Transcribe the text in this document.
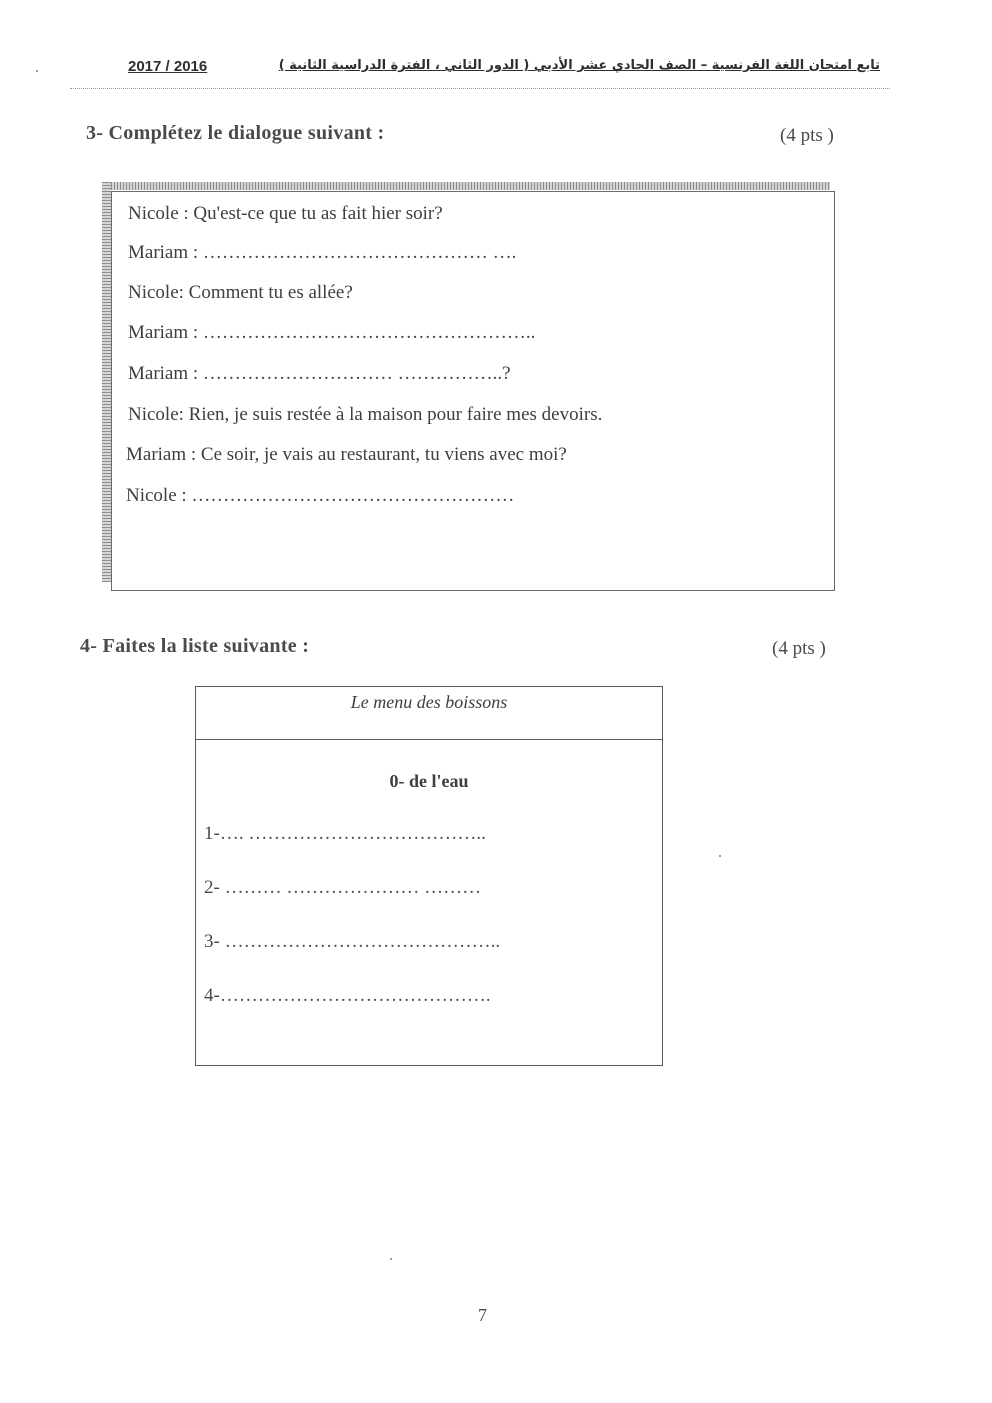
2017 / 2016	تابع امتحان اللغة الفرنسية – الصف الحادي عشر الأدبي ( الدور الثاني ، الفترة الدراسية الثانية )
3- Complétez le dialogue suivant :	(4 pts )
Nicole : Qu'est-ce que tu as fait hier soir?
Mariam : ……………………………………… ….
Nicole: Comment tu es allée?
Mariam : ……………………………………………..
Mariam : ………………………… ……………..?
Nicole: Rien, je suis restée à la maison pour faire mes devoirs.
Mariam : Ce soir, je vais au restaurant, tu viens avec moi?
Nicole : ……………………………………………
4- Faites la liste suivante :	(4 pts )
Le menu des boissons
0- de l'eau
1-…. ………………………………..
2- ……… ………………… ………
3- ……………………………………..
4-…………………………………….
7
